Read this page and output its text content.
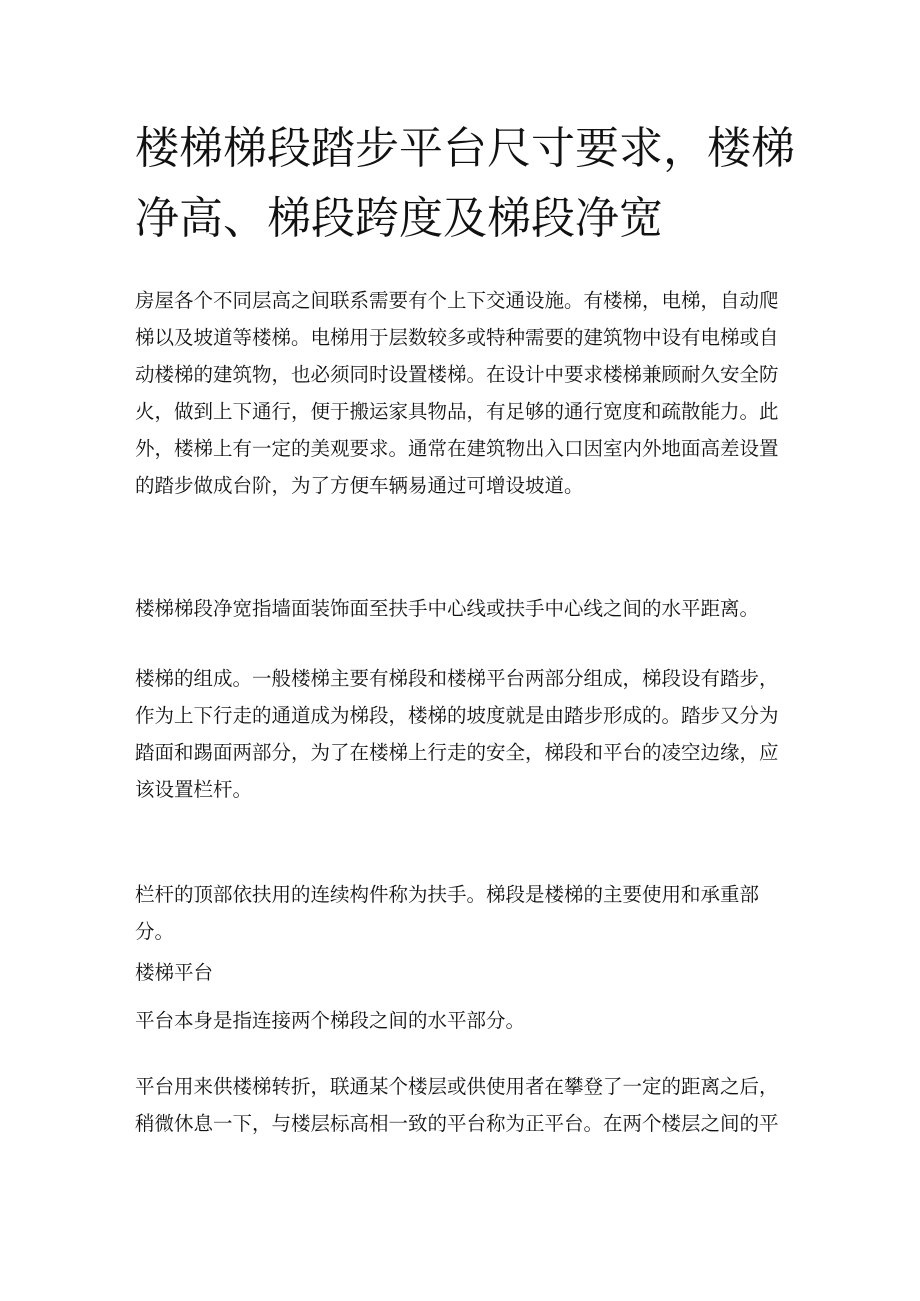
楼梯梯段踏步平台尺寸要求，楼梯净高、梯段跨度及梯段净宽

房屋各个不同层高之间联系需要有个上下交通设施。有楼梯，电梯，自动爬梯以及坡道等楼梯。电梯用于层数较多或特种需要的建筑物中设有电梯或自动楼梯的建筑物，也必须同时设置楼梯。在设计中要求楼梯兼顾耐久安全防火，做到上下通行，便于搬运家具物品，有足够的通行宽度和疏散能力。此外，楼梯上有一定的美观要求。通常在建筑物出入口因室内外地面高差设置的踏步做成台阶，为了方便车辆易通过可增设坡道。

楼梯梯段净宽指墙面装饰面至扶手中心线或扶手中心线之间的水平距离。

楼梯的组成。一般楼梯主要有梯段和楼梯平台两部分组成，梯段设有踏步，作为上下行走的通道成为梯段，楼梯的坡度就是由踏步形成的。踏步又分为踏面和踢面两部分，为了在楼梯上行走的安全，梯段和平台的凌空边缘，应该设置栏杆。

栏杆的顶部依扶用的连续构件称为扶手。梯段是楼梯的主要使用和承重部分。

楼梯平台

平台本身是指连接两个梯段之间的水平部分。

平台用来供楼梯转折，联通某个楼层或供使用者在攀登了一定的距离之后，稍微休息一下，与楼层标高相一致的平台称为正平台。在两个楼层之间的平
